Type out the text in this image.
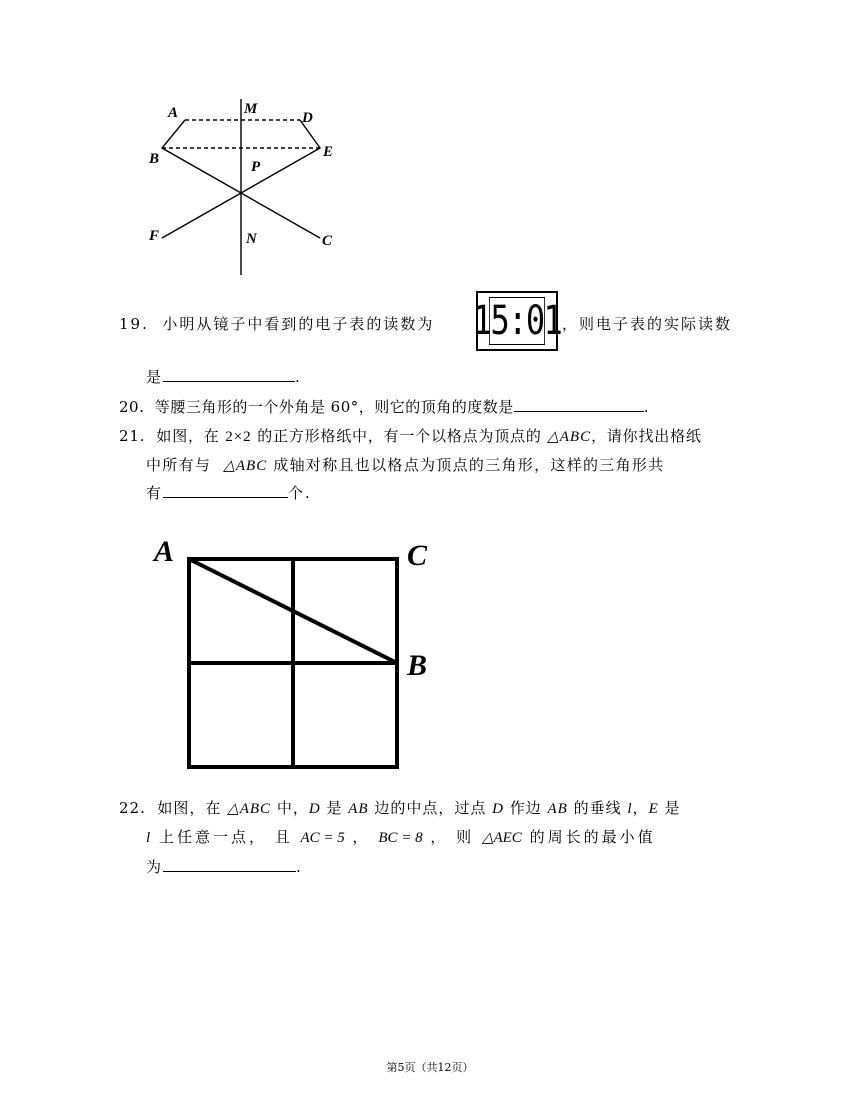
A	M
D
B	P
E
F	N	C
19. 小明从镜子中看到的电子表的读数为 15:01 ，则电子表的实际读数
是	.
20. 等腰三角形的一个外角是 60°，则它的顶角的度数是	.
21. 如图，在 2×2 的正方形格纸中，有一个以格点为顶点的 △ABC，请你找出格纸
中所有与  △ABC 成轴对称且也以格点为顶点的三角形，这样的三角形共
有	个.
A	C
B
22. 如图，在 △ABC 中，D 是 AB 边的中点，过点 D 作边 AB 的垂线 l，E 是
l 上任意一点， 且 AC = 5 ， BC = 8 ， 则 △AEC 的周长的最小值
为	.
第5页（共12页）
